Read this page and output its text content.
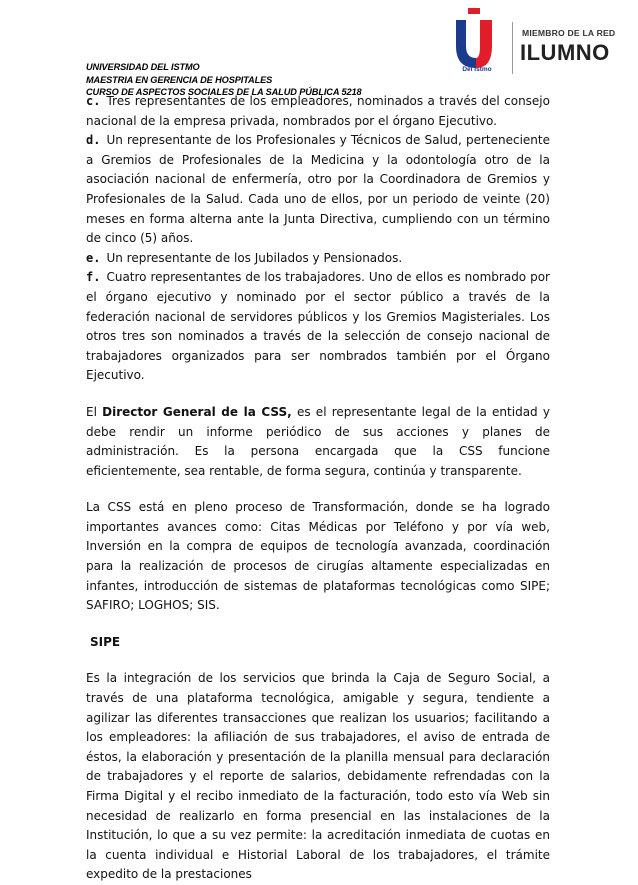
UNIVERSIDAD DEL ISTMO
MAESTRIA EN GERENCIA DE HOSPITALES
CURSO DE ASPECTOS SOCIALES DE LA SALUD PÚBLICA 5218
Del Istmo
MIEMBRO DE LA RED
ILUMNO

c. Tres representantes de los empleadores, nominados a través del consejo nacional de la empresa privada, nombrados por el órgano Ejecutivo.

d. Un representante de los Profesionales y Técnicos de Salud, perteneciente a Gremios de Profesionales de la Medicina y la odontología otro de la asociación nacional de enfermería, otro por la Coordinadora de Gremios y Profesionales de la Salud. Cada uno de ellos, por un periodo de veinte (20) meses en forma alterna ante la Junta Directiva, cumpliendo con un término de cinco (5) años.

e. Un representante de los Jubilados y Pensionados.

f. Cuatro representantes de los trabajadores. Uno de ellos es nombrado por el órgano ejecutivo y nominado por el sector público a través de la federación nacional de servidores públicos y los Gremios Magisteriales. Los otros tres son nominados a través de la selección de consejo nacional de trabajadores organizados para ser nombrados también por el Órgano Ejecutivo.

El Director General de la CSS, es el representante legal de la entidad y debe rendir un informe periódico de sus acciones y planes de administración. Es la persona encargada que la CSS funcione eficientemente, sea rentable, de forma segura, continúa y transparente.

La CSS está en pleno proceso de Transformación, donde se ha logrado importantes avances como: Citas Médicas por Teléfono y por vía web, Inversión en la compra de equipos de tecnología avanzada, coordinación para la realización de procesos de cirugías altamente especializadas en infantes, introducción de sistemas de plataformas tecnológicas como SIPE; SAFIRO; LOGHOS; SIS.

SIPE

Es la integración de los servicios que brinda la Caja de Seguro Social, a través de una plataforma tecnológica, amigable y segura, tendiente a agilizar las diferentes transacciones que realizan los usuarios; facilitando a los empleadores: la afiliación de sus trabajadores, el aviso de entrada de éstos, la elaboración y presentación de la planilla mensual para declaración de trabajadores y el reporte de salarios, debidamente refrendadas con la Firma Digital y el recibo inmediato de la facturación, todo esto vía Web sin necesidad de realizarlo en forma presencial en las instalaciones de la Institución, lo que a su vez permite: la acreditación inmediata de cuotas en la cuenta individual e Historial Laboral de los trabajadores, el trámite expedito de la prestaciones
